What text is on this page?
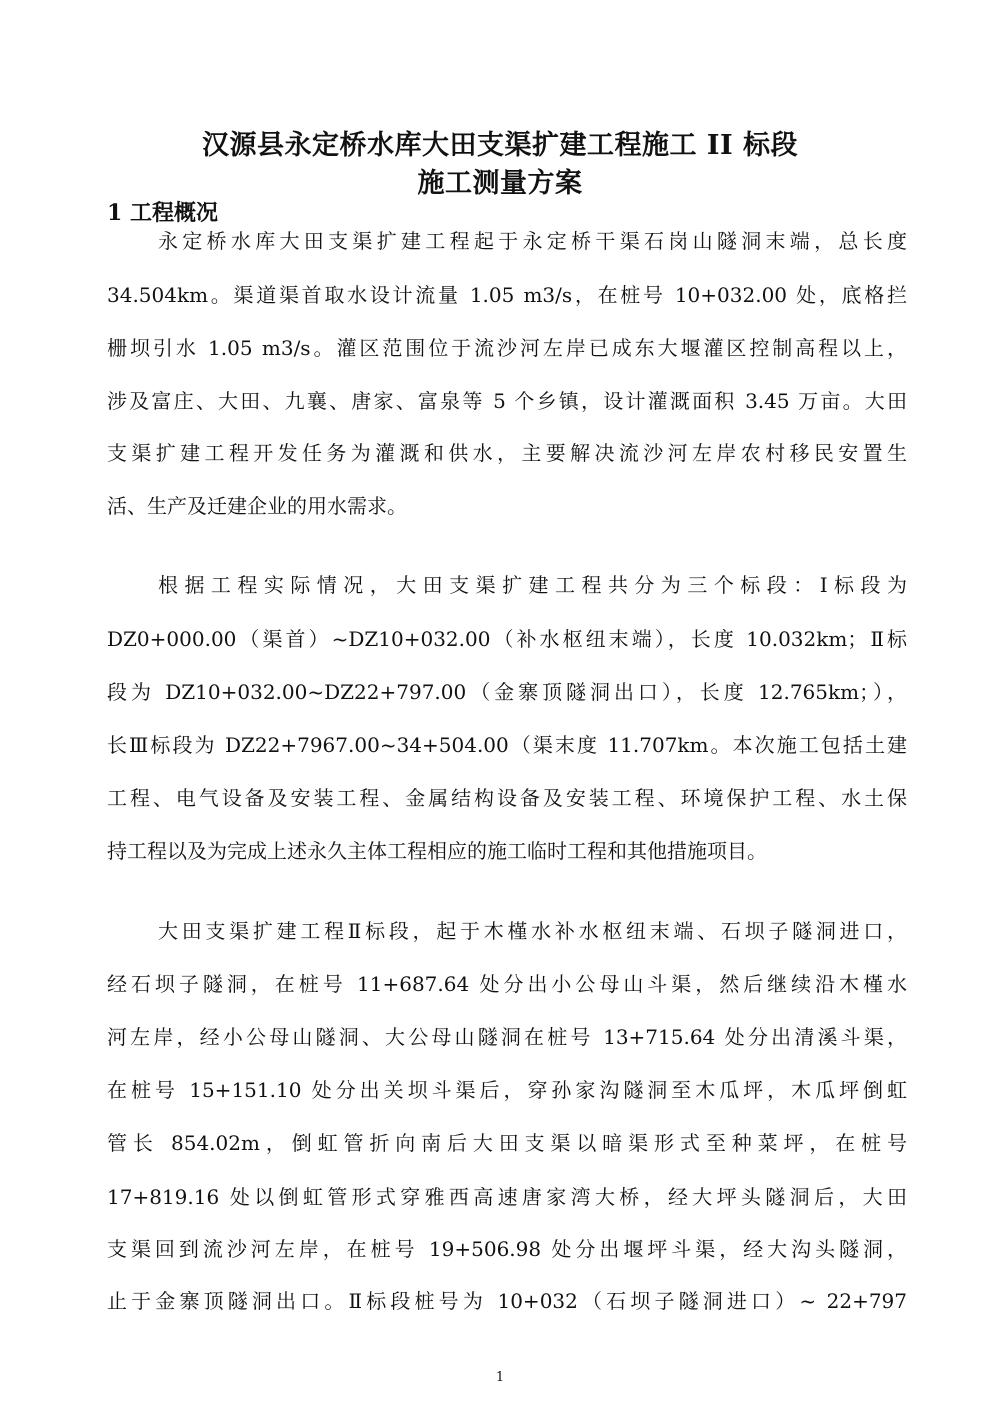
汉源县永定桥水库大田支渠扩建工程施工 II 标段
施工测量方案
1 工程概况
永定桥水库大田支渠扩建工程起于永定桥干渠石岗山隧洞末端，总长度
34.504km。渠道渠首取水设计流量 1.05 m3/s，在桩号 10+032.00 处，底格拦
栅坝引水 1.05 m3/s。灌区范围位于流沙河左岸已成东大堰灌区控制高程以上，
涉及富庄、大田、九襄、唐家、富泉等 5 个乡镇，设计灌溉面积 3.45 万亩。大田
支渠扩建工程开发任务为灌溉和供水，主要解决流沙河左岸农村移民安置生
活、生产及迁建企业的用水需求。
根据工程实际情况，大田支渠扩建工程共分为三个标段：Ⅰ标段为
DZ0+000.00（渠首）~DZ10+032.00（补水枢纽末端），长度 10.032km；Ⅱ标
段为 DZ10+032.00~DZ22+797.00（金寨顶隧洞出口），长度 12.765km；），
长Ⅲ标段为 DZ22+7967.00~34+504.00（渠末度 11.707km。本次施工包括土建
工程、电气设备及安装工程、金属结构设备及安装工程、环境保护工程、水土保
持工程以及为完成上述永久主体工程相应的施工临时工程和其他措施项目。
大田支渠扩建工程Ⅱ标段，起于木槿水补水枢纽末端、石坝子隧洞进口，
经石坝子隧洞，在桩号 11+687.64 处分出小公母山斗渠，然后继续沿木槿水
河左岸，经小公母山隧洞、大公母山隧洞在桩号 13+715.64 处分出清溪斗渠，
在桩号 15+151.10 处分出关坝斗渠后，穿孙家沟隧洞至木瓜坪，木瓜坪倒虹
管长 854.02m，倒虹管折向南后大田支渠以暗渠形式至种菜坪，在桩号
17+819.16 处以倒虹管形式穿雅西高速唐家湾大桥，经大坪头隧洞后，大田
支渠回到流沙河左岸，在桩号 19+506.98 处分出堰坪斗渠，经大沟头隧洞，
止于金寨顶隧洞出口。Ⅱ标段桩号为 10+032（石坝子隧洞进口）~ 22+797
1
